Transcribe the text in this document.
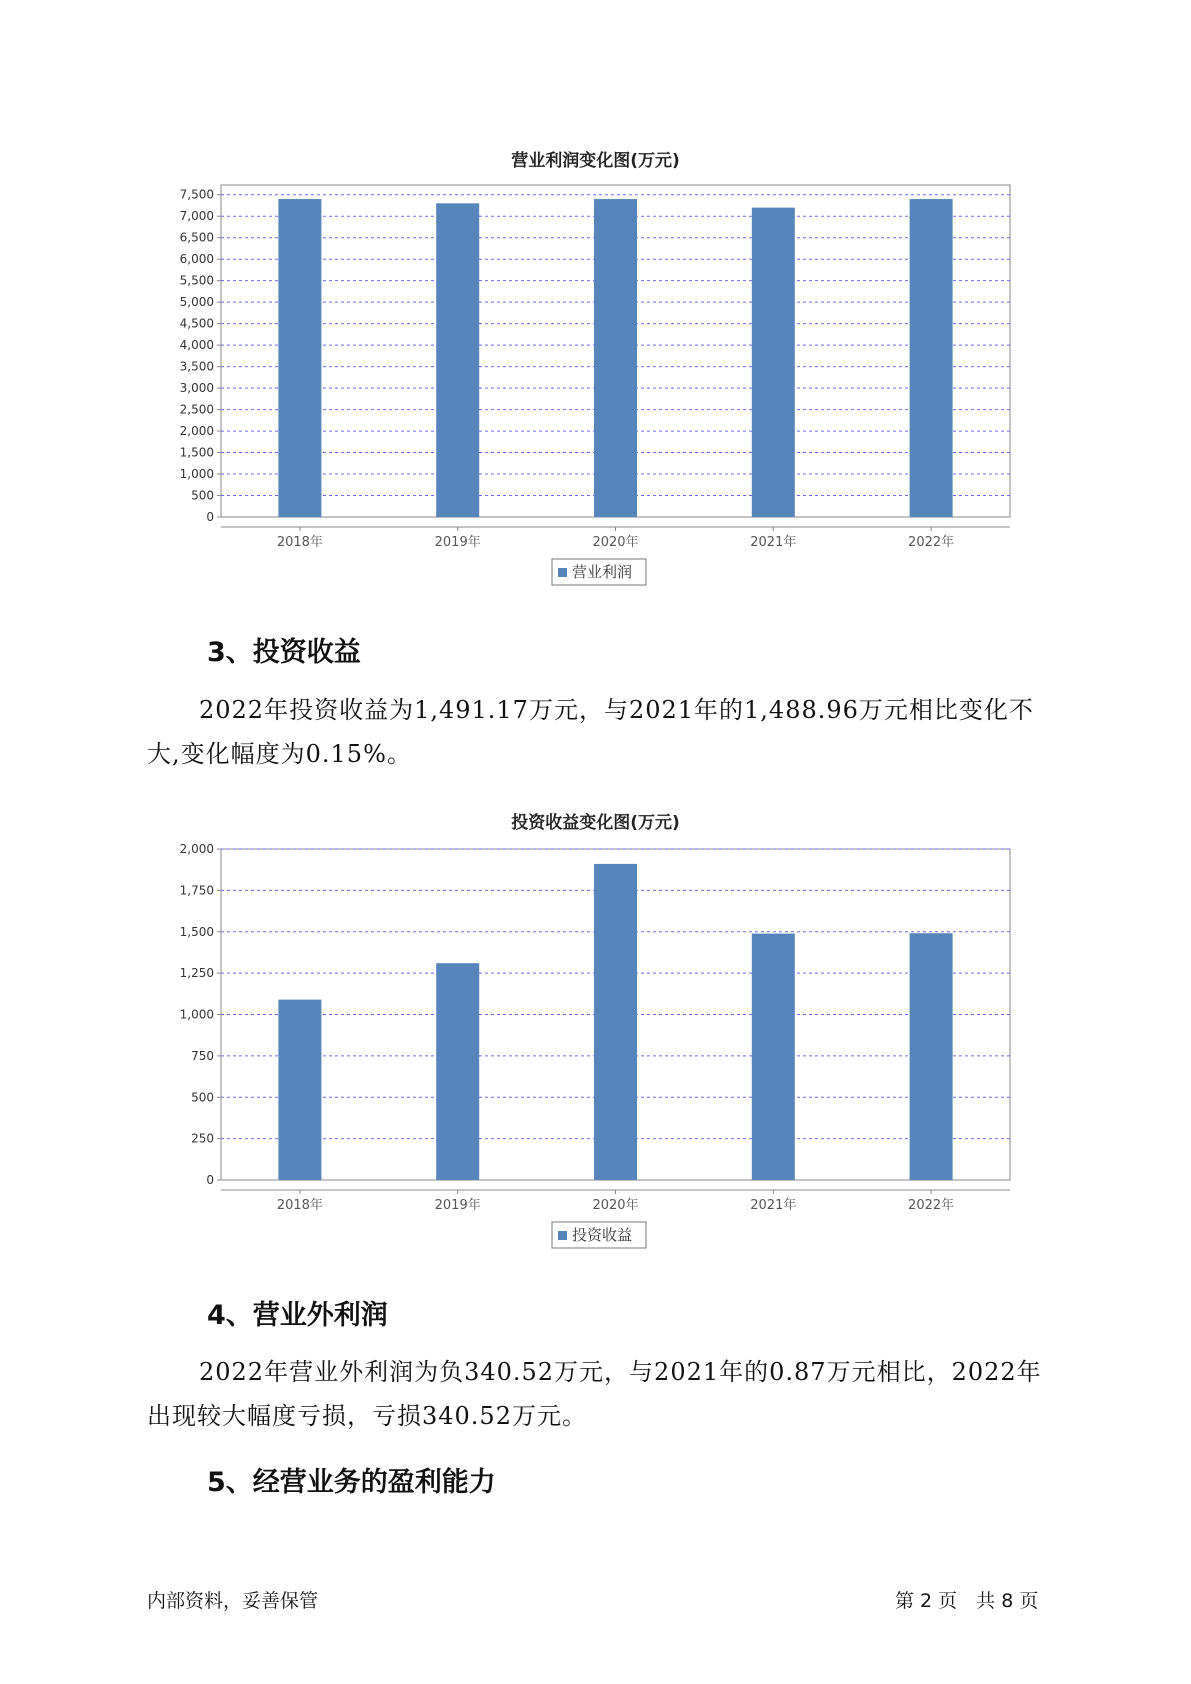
营业利润变化图(万元)
0
500
1,000
1,500
2,000
2,500
3,000
3,500
4,000
4,500
5,000
5,500
6,000
6,500
7,000
7,500
2018年	2019年	2020年	2021年	2022年
营业利润
3、投资收益
2022年投资收益为1,491.17万元，与2021年的1,488.96万元相比变化不大,变化幅度为0.15%。
投资收益变化图(万元)
0
250
500
750
1,000
1,250
1,500
1,750
2,000
2018年	2019年	2020年	2021年	2022年
投资收益
4、营业外利润
2022年营业外利润为负340.52万元，与2021年的0.87万元相比，2022年出现较大幅度亏损，亏损340.52万元。
5、经营业务的盈利能力
内部资料，妥善保管	第 2 页　共 8 页
